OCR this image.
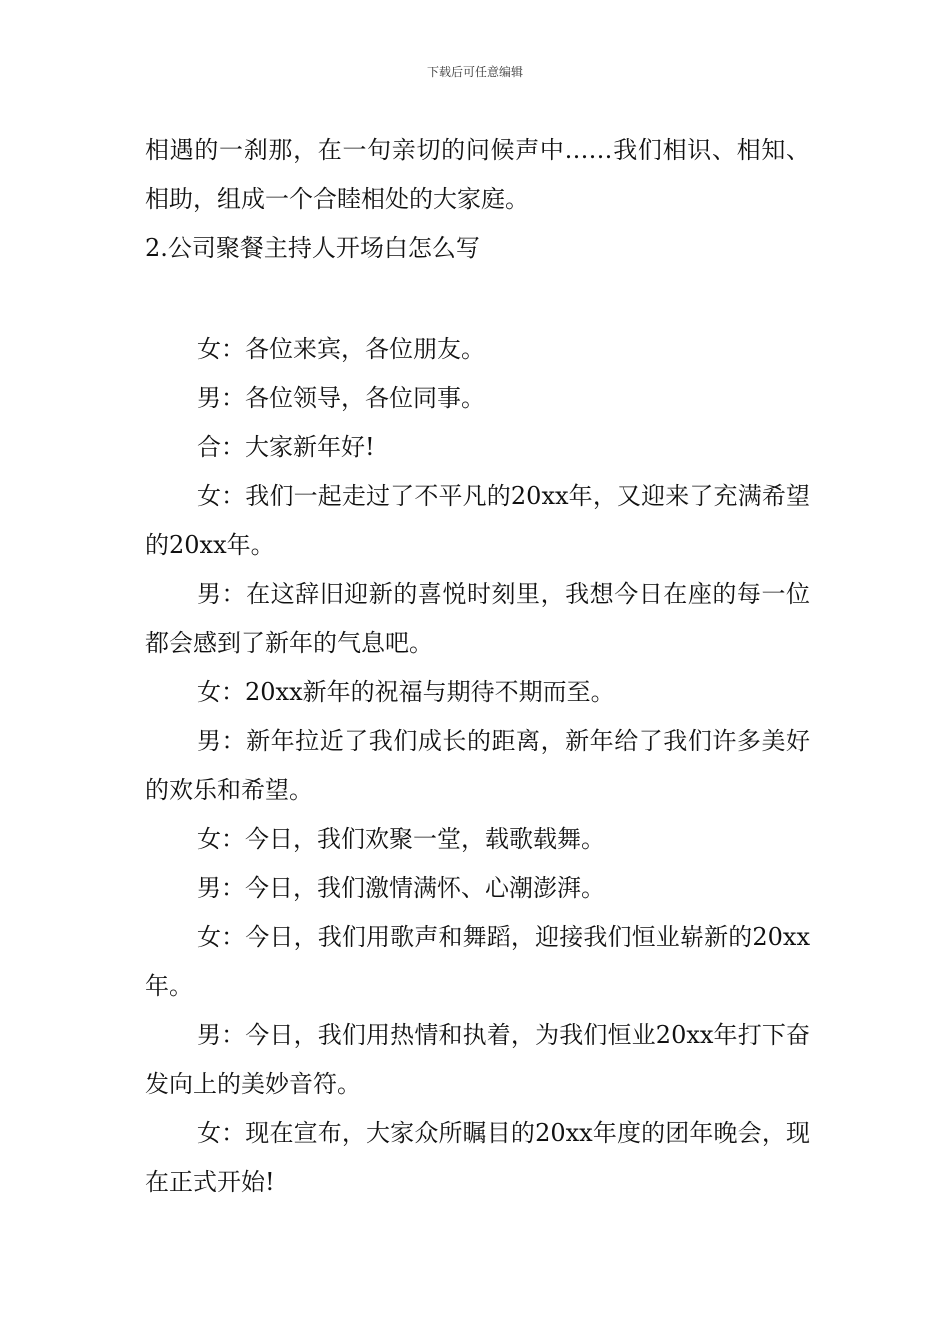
下载后可任意编辑

相遇的一刹那，在一句亲切的问候声中……我们相识、相知、相助，组成一个合睦相处的大家庭。

2.公司聚餐主持人开场白怎么写

女：各位来宾，各位朋友。

男：各位领导，各位同事。

合：大家新年好!

女：我们一起走过了不平凡的20xx年，又迎来了充满希望的20xx年。

男：在这辞旧迎新的喜悦时刻里，我想今日在座的每一位都会感到了新年的气息吧。

女：20xx新年的祝福与期待不期而至。

男：新年拉近了我们成长的距离，新年给了我们许多美好的欢乐和希望。

女：今日，我们欢聚一堂，载歌载舞。

男：今日，我们激情满怀、心潮澎湃。

女：今日，我们用歌声和舞蹈，迎接我们恒业崭新的20xx年。

男：今日，我们用热情和执着，为我们恒业20xx年打下奋发向上的美妙音符。

女：现在宣布，大家众所瞩目的20xx年度的团年晚会，现在正式开始!
